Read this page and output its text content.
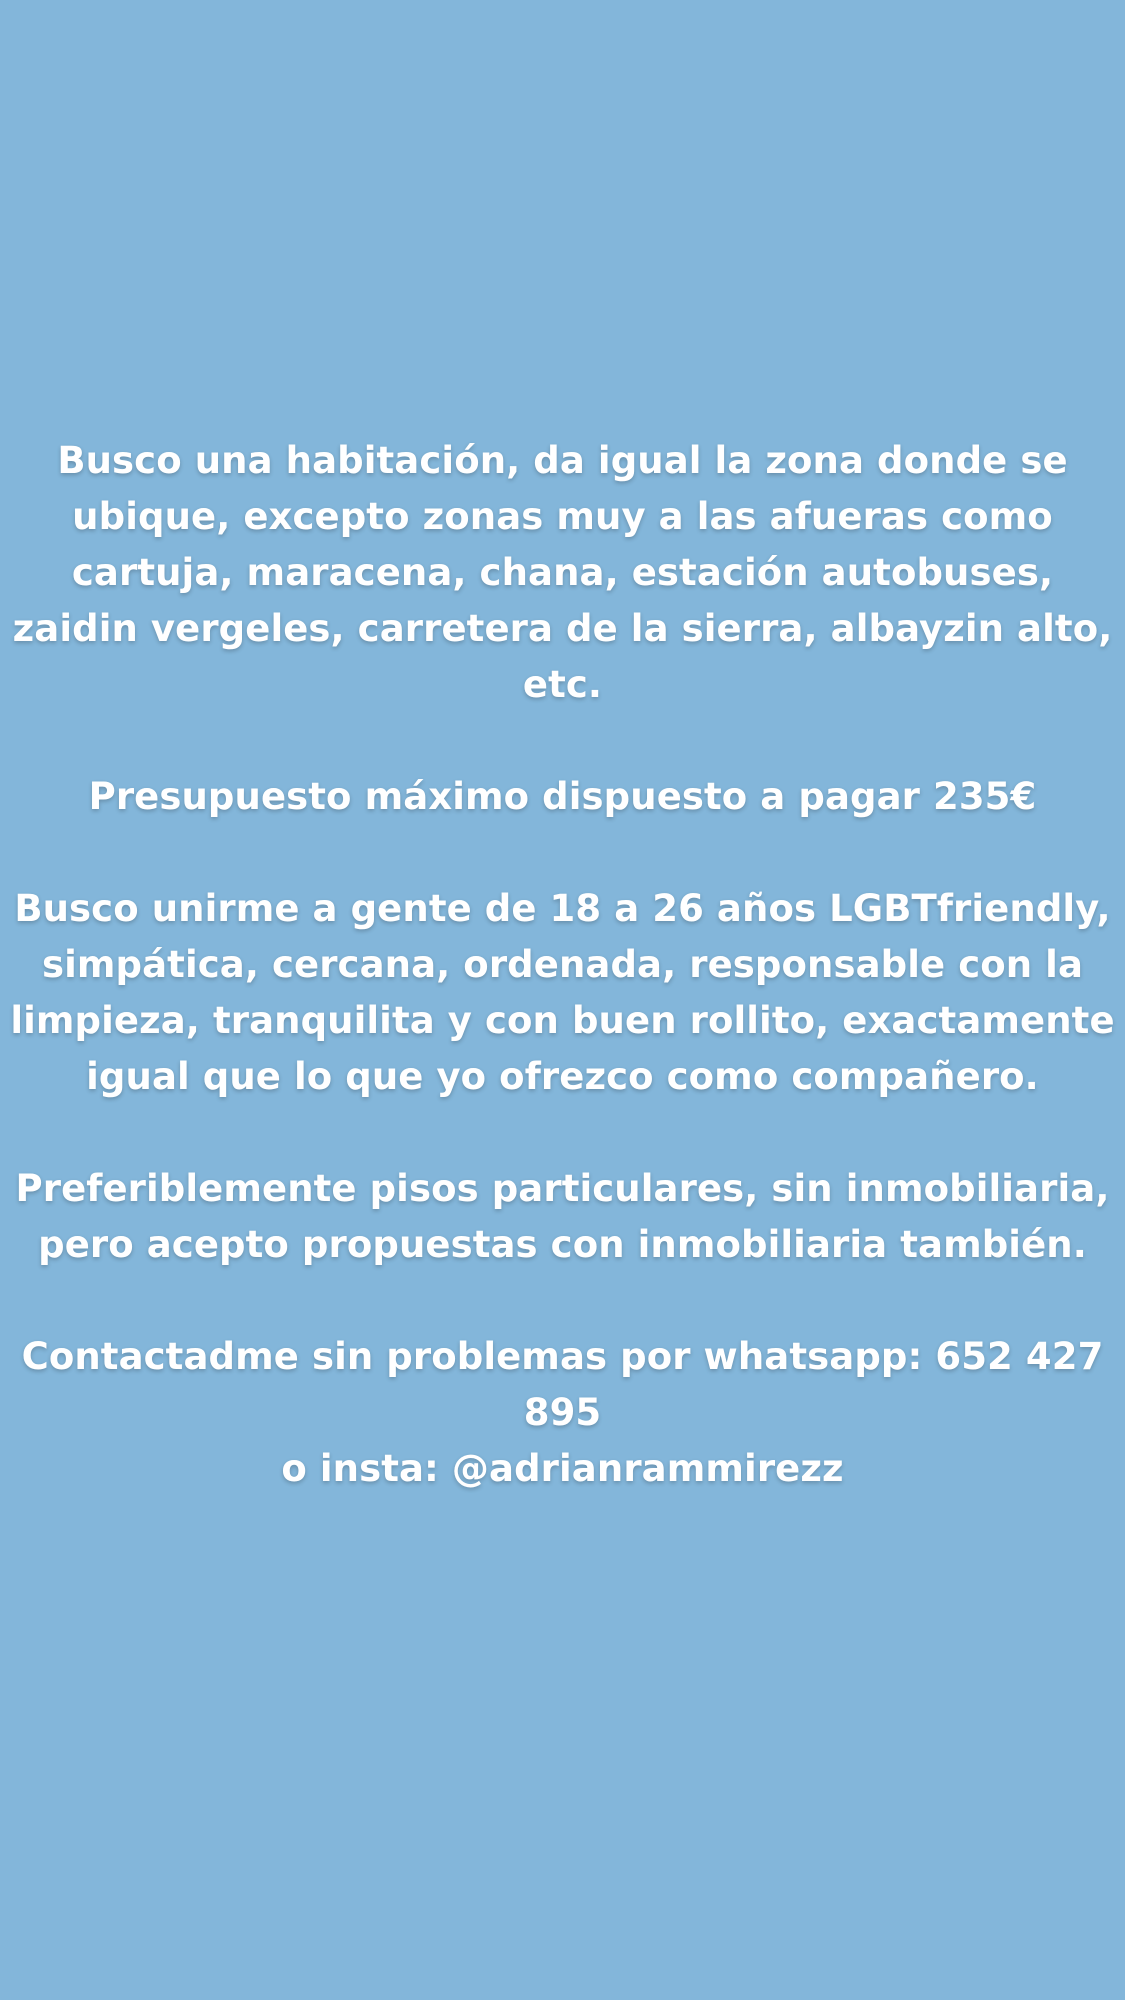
Busco una habitación, da igual la zona donde se ubique, excepto zonas muy a las afueras como cartuja, maracena, chana, estación autobuses, zaidin vergeles, carretera de la sierra, albayzin alto, etc.

Presupuesto máximo dispuesto a pagar 235€

Busco unirme a gente de 18 a 26 años LGBTfriendly, simpática, cercana, ordenada, responsable con la limpieza, tranquilita y con buen rollito, exactamente igual que lo que yo ofrezco como compañero.

Preferiblemente pisos particulares, sin inmobiliaria, pero acepto propuestas con inmobiliaria también.

Contactadme sin problemas por whatsapp: 652 427 895

o insta: @adrianrammirezz
